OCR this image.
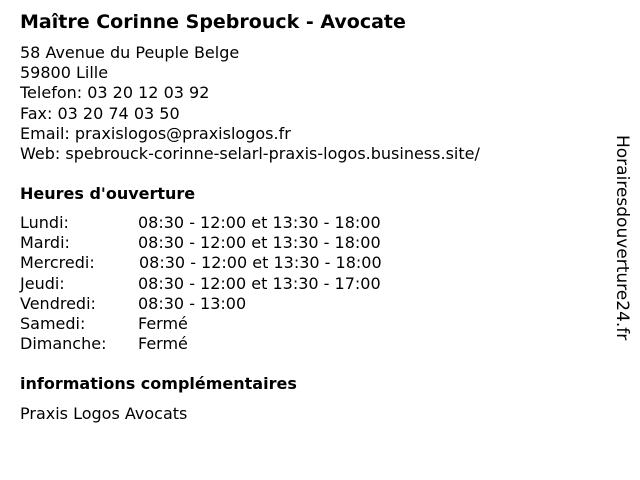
Maître Corinne Spebrouck - Avocate
58 Avenue du Peuple Belge
59800 Lille
Telefon: 03 20 12 03 92
Fax: 03 20 74 03 50
Email: praxislogos@praxislogos.fr
Web: spebrouck-corinne-selarl-praxis-logos.business.site/
Heures d'ouverture
Lundi:	08:30 - 12:00 et 13:30 - 18:00
Mardi:	08:30 - 12:00 et 13:30 - 18:00
Mercredi:	08:30 - 12:00 et 13:30 - 18:00
Jeudi:	08:30 - 12:00 et 13:30 - 17:00
Vendredi:	08:30 - 13:00
Samedi:	Fermé
Dimanche: Fermé
informations complémentaires
Praxis Logos Avocats
Horairesdouverture24.fr
